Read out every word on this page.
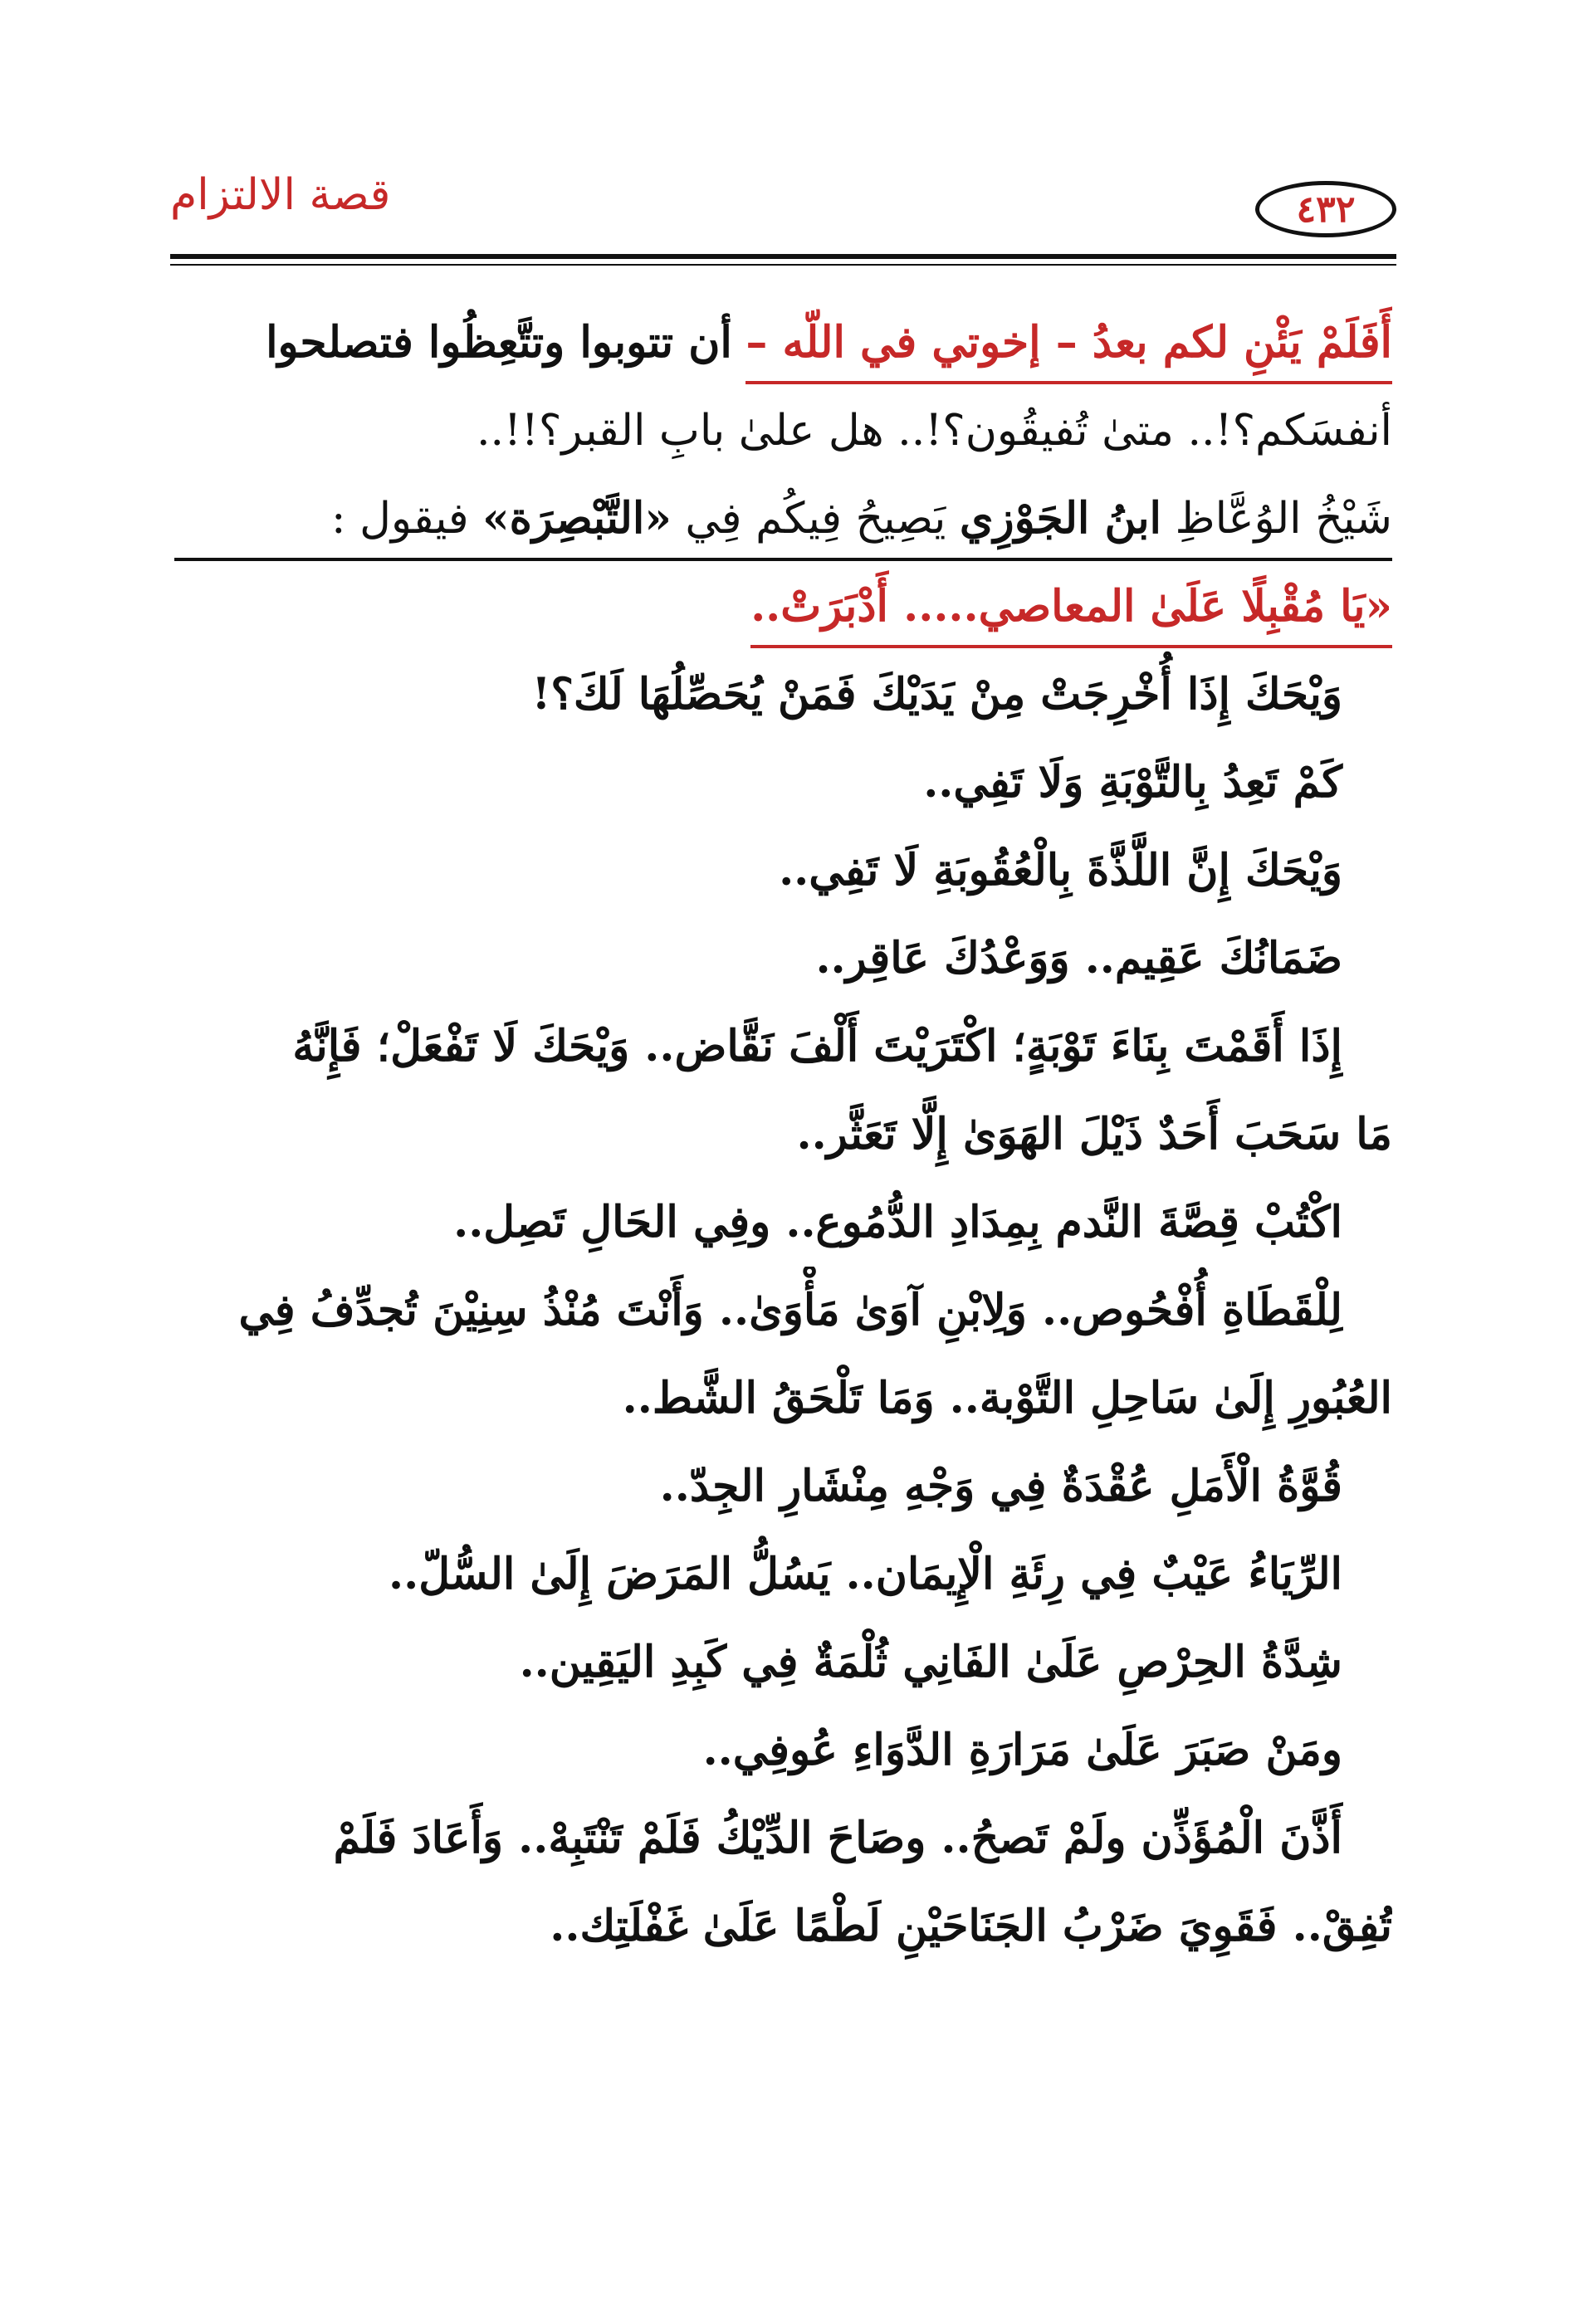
٤٣٢
قصة الالتزام
أَفَلَمْ يَئْنِ لكم بعدُ – إخوتي في اللّه – أن تتوبوا وتتَّعِظُوا فتصلحوا
أنفسَكم؟!.. متىٰ تُفيقُون؟!.. هل علىٰ بابِ القبر؟!!..
شَيْخُ الوُعَّاظِ ابنُ الجَوْزِي يَصِيحُ فِيكُم فِي «التَّبْصِرَة» فيقول :
«يَا مُقْبِلًا عَلَىٰ المعاصي..... أَدْبَرَتْ..
وَيْحَكَ إِذَا أُخْرِجَتْ مِنْ يَدَيْكَ فَمَنْ يُحَصِّلُهَا لَكَ؟!
كَمْ تَعِدُ بِالتَّوْبَةِ وَلَا تَفِي..
وَيْحَكَ إِنَّ اللَّذَّةَ بِالْعُقُوبَةِ لَا تَفِي..
ضَمَانُكَ عَقِيم.. وَوَعْدُكَ عَاقِر..
إِذَا أَقَمْتَ بِنَاءَ تَوْبَةٍ؛ اكْتَرَيْتَ أَلْفَ نَقَّاض.. وَيْحَكَ لَا تَفْعَلْ؛ فَإِنَّهُ
مَا سَحَبَ أَحَدٌ ذَيْلَ الهَوَىٰ إِلَّا تَعَثَّر..
اكْتُبْ قِصَّةَ النَّدم بِمِدَادِ الدُّمُوع.. وفِي الحَالِ تَصِل..
لِلْقَطَاةِ أُفْحُوص.. وَلِابْنِ آوَىٰ مَأْوَىٰ.. وَأَنْتَ مُنْذُ سِنِيْنَ تُجدِّفُ فِي
العُبُورِ إِلَىٰ سَاحِلِ التَّوْبة.. وَمَا تَلْحَقُ الشَّط..
قُوَّةُ الْأَمَلِ عُقْدَةٌ فِي وَجْهِ مِنْشَارِ الجِدّ..
الرِّيَاءُ عَيْبٌ فِي رِئَةِ الْإِيمَان.. يَسُلُّ المَرَضَ إِلَىٰ السُّلّ..
شِدَّةُ الحِرْصِ عَلَىٰ الفَانِي ثُلْمَةٌ فِي كَبِدِ اليَقِين..
ومَنْ صَبَرَ عَلَىٰ مَرَارَةِ الدَّوَاءِ عُوفِي..
أَذَّنَ الْمُؤَذِّن ولَمْ تَصحُ.. وصَاحَ الدِّيْكُ فَلَمْ تَنْتَبِهْ.. وَأَعَادَ فَلَمْ
تُفِقْ.. فَقَوِيَ ضَرْبُ الجَنَاحَيْنِ لَطْمًا عَلَىٰ غَفْلَتِك..
